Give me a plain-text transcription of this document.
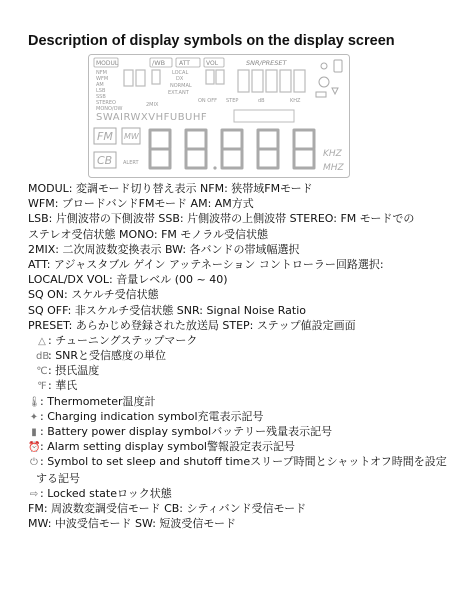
Description of display symbols on the display screen
MODUL	/WB ATT	VOL	SNR/PRESET
NFM
WFM
AM
LSB
SSB
STEREO
MONO/OW
LOCAL
DX
NORMAL
EXT.ANT
2MIX
ON OFF STEP	dB	KHZ
SWAIRWXVHFUBUHF
FM MW
CB ALERT
KHZ
MHZ
MODUL: 変調モード切り替え表示 NFM: 狭帯域FMモード
WFM: ブロードバンドFMモード AM: AM方式
LSB: 片側波帯の下側波帯 SSB: 片側波帯の上側波帯 STEREO: FM モードでの
ステレオ受信状態 MONO: FM モノラル受信状態
2MIX: 二次周波数変換表示 BW: 各バンドの帯域幅選択
ATT: アジャスタブル ゲイン アッテネーション コントローラー回路選択:
LOCAL/DX VOL: 音量レベル (00 ~ 40)
SQ ON: スケルチ受信状態
SQ OFF: 非スケルチ受信状態 SNR: Signal Noise Ratio
PRESET: あらかじめ登録された放送局 STEP: ステップ値設定画面
△ : チューニングステップマーク
dB: SNRと受信感度の単位
℃: 摂氏温度
℉: 華氏
🌡: Thermometer温度計
✦ : Charging indication symbol充電表示記号
▮ : Battery power display symbolバッテリー残量表示記号
⏰: Alarm setting display symbol警報設定表示記号
⏻ : Symbol to set sleep and shutoff timeスリープ時間とシャットオフ時間を設定
する記号
⇨ : Locked stateロック状態
FM: 周波数変調受信モード CB: シティバンド受信モード
MW: 中波受信モード SW: 短波受信モード
